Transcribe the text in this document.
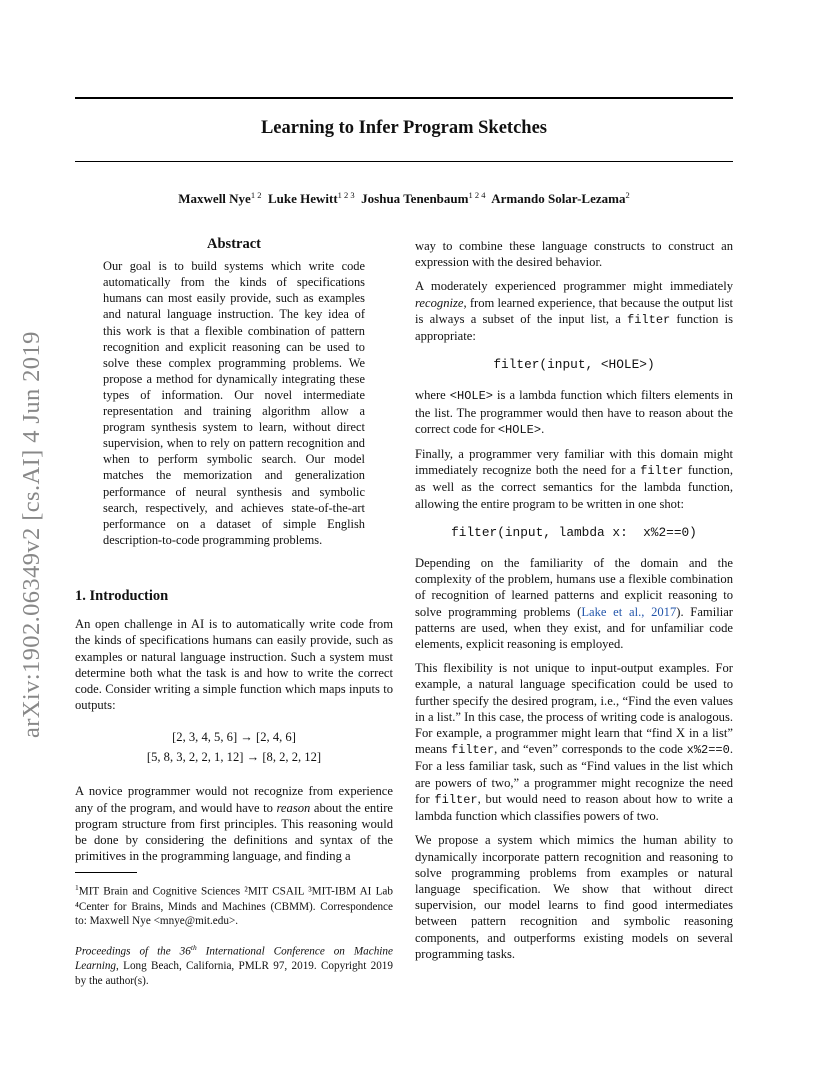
Learning to Infer Program Sketches
Maxwell Nye$^{1 2}$ Luke Hewitt$^{1 2 3}$ Joshua Tenenbaum$^{1 2 4}$ Armando Solar-Lezama$^2$
arXiv:1902.06349v2 [cs.AI] 4 Jun 2019
Abstract
Our goal is to build systems which write code automatically from the kinds of specifications humans can most easily provide, such as examples and natural language instruction. The key idea of this work is that a flexible combination of pattern recognition and explicit reasoning can be used to solve these complex programming problems. We propose a method for dynamically integrating these types of information. Our novel intermediate representation and training algorithm allow a program synthesis system to learn, without direct supervision, when to rely on pattern recognition and when to perform symbolic search. Our model matches the memorization and generalization performance of neural synthesis and symbolic search, respectively, and achieves state-of-the-art performance on a dataset of simple English description-to-code programming problems.
1. Introduction

An open challenge in AI is to automatically write code from the kinds of specifications humans can easily provide, such as examples or natural language instruction. Such a system must determine both what the task is and how to write the correct code. Consider writing a simple function which maps inputs to outputs:

[2, 3, 4, 5, 6] → [2, 4, 6]
[5, 8, 3, 2, 2, 1, 12] → [8, 2, 2, 12]

A novice programmer would not recognize from experience any of the program, and would have to reason about the entire program structure from first principles. This reasoning would be done by considering the definitions and syntax of the primitives in the programming language, and finding a

$^1$MIT Brain and Cognitive Sciences ²MIT CSAIL ³MIT-IBM AI Lab ⁴Center for Brains, Minds and Machines (CBMM). Correspondence to: Maxwell Nye <mnye@mit.edu>.

Proceedings of the 36th International Conference on Machine Learning, Long Beach, California, PMLR 97, 2019. Copyright 2019 by the author(s).

way to combine these language constructs to construct an expression with the desired behavior.

A moderately experienced programmer might immediately recognize, from learned experience, that because the output list is always a subset of the input list, a filter function is appropriate:

filter(input, <HOLE>)

where <HOLE> is a lambda function which filters elements in the list. The programmer would then have to reason about the correct code for <HOLE>.

Finally, a programmer very familiar with this domain might immediately recognize both the need for a filter function, as well as the correct semantics for the lambda function, allowing the entire program to be written in one shot:

filter(input, lambda x:  x%2==0)

Depending on the familiarity of the domain and the complexity of the problem, humans use a flexible combination of recognition of learned patterns and explicit reasoning to solve programming problems (Lake et al., 2017). Familiar patterns are used, when they exist, and for unfamiliar code elements, explicit reasoning is employed.

This flexibility is not unique to input-output examples. For example, a natural language specification could be used to further specify the desired program, i.e., “Find the even values in a list.” In this case, the process of writing code is analogous. For example, a programmer might learn that “find X in a list” means filter, and “even” corresponds to the code x%2==0. For a less familiar task, such as “Find values in the list which are powers of two,” a programmer might recognize the need for filter, but would need to reason about how to write a lambda function which classifies powers of two.

We propose a system which mimics the human ability to dynamically incorporate pattern recognition and reasoning to solve programming problems from examples or natural language specification. We show that without direct supervision, our model learns to find good intermediates between pattern recognition and symbolic reasoning components, and outperforms existing models on several programming tasks.
